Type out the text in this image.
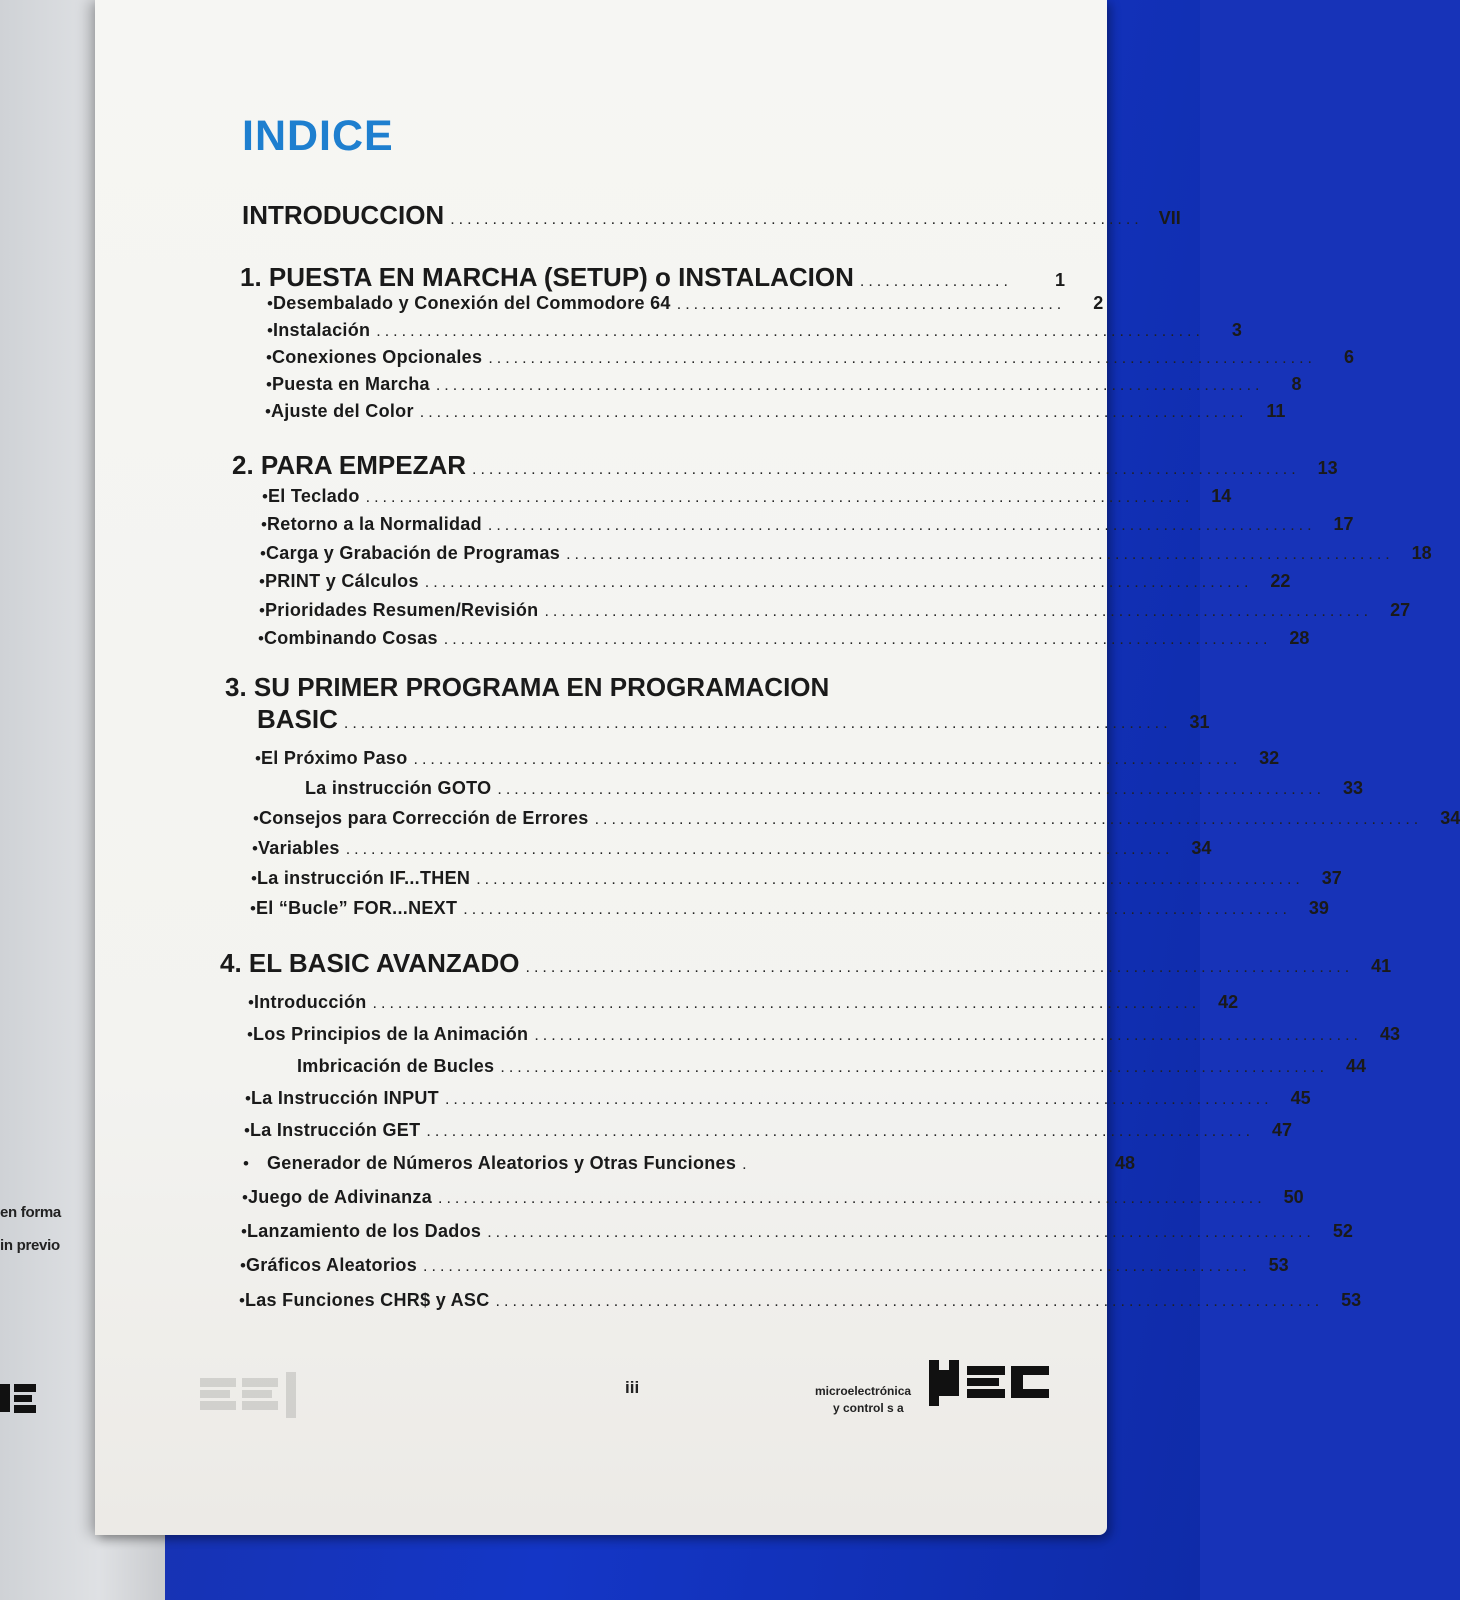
en forma
in previo
INDICE
INTRODUCCION .................................................................................. VII
1. PUESTA EN MARCHA (SETUP) o INSTALACION ..................	1
• Desembalado y Conexión del Commodore 64 ..............................................	2
• Instalación ..................................................................................................	3
• Conexiones Opcionales ..................................................................................................	6
• Puesta en Marcha ..................................................................................................	8
• Ajuste del Color ..................................................................................................	11
2. PARA EMPEZAR .................................................................................................. 13
• El Teclado .................................................................................................. 14
• Retorno a la Normalidad .................................................................................................. 17
• Carga y Grabación de Programas .................................................................................................. 18
• PRINT y Cálculos .................................................................................................. 22
• Prioridades Resumen/Revisión .................................................................................................. 27
• Combinando Cosas .................................................................................................. 28
3. SU PRIMER PROGRAMA EN PROGRAMACION
BASIC .................................................................................................. 31
• El Próximo Paso .................................................................................................. 32
La instrucción GOTO .................................................................................................. 33
• Consejos para Corrección de Errores .................................................................................................. 34
• Variables .................................................................................................. 34
• La instrucción IF...THEN .................................................................................................. 37
• El “Bucle” FOR...NEXT .................................................................................................. 39
4. EL BASIC AVANZADO .................................................................................................. 41
• Introducción .................................................................................................. 42
• Los Principios de la Animación .................................................................................................. 43
Imbricación de Bucles .................................................................................................. 44
• La Instrucción INPUT .................................................................................................. 45
• La Instrucción GET .................................................................................................. 47
•	Generador de Números Aleatorios y Otras Funciones .	48
• Juego de Adivinanza .................................................................................................. 50
• Lanzamiento de los Dados .................................................................................................. 52
• Gráficos Aleatorios .................................................................................................. 53
• Las Funciones CHR$ y ASC .................................................................................................. 53
iii	microelectrónica
y control s a
